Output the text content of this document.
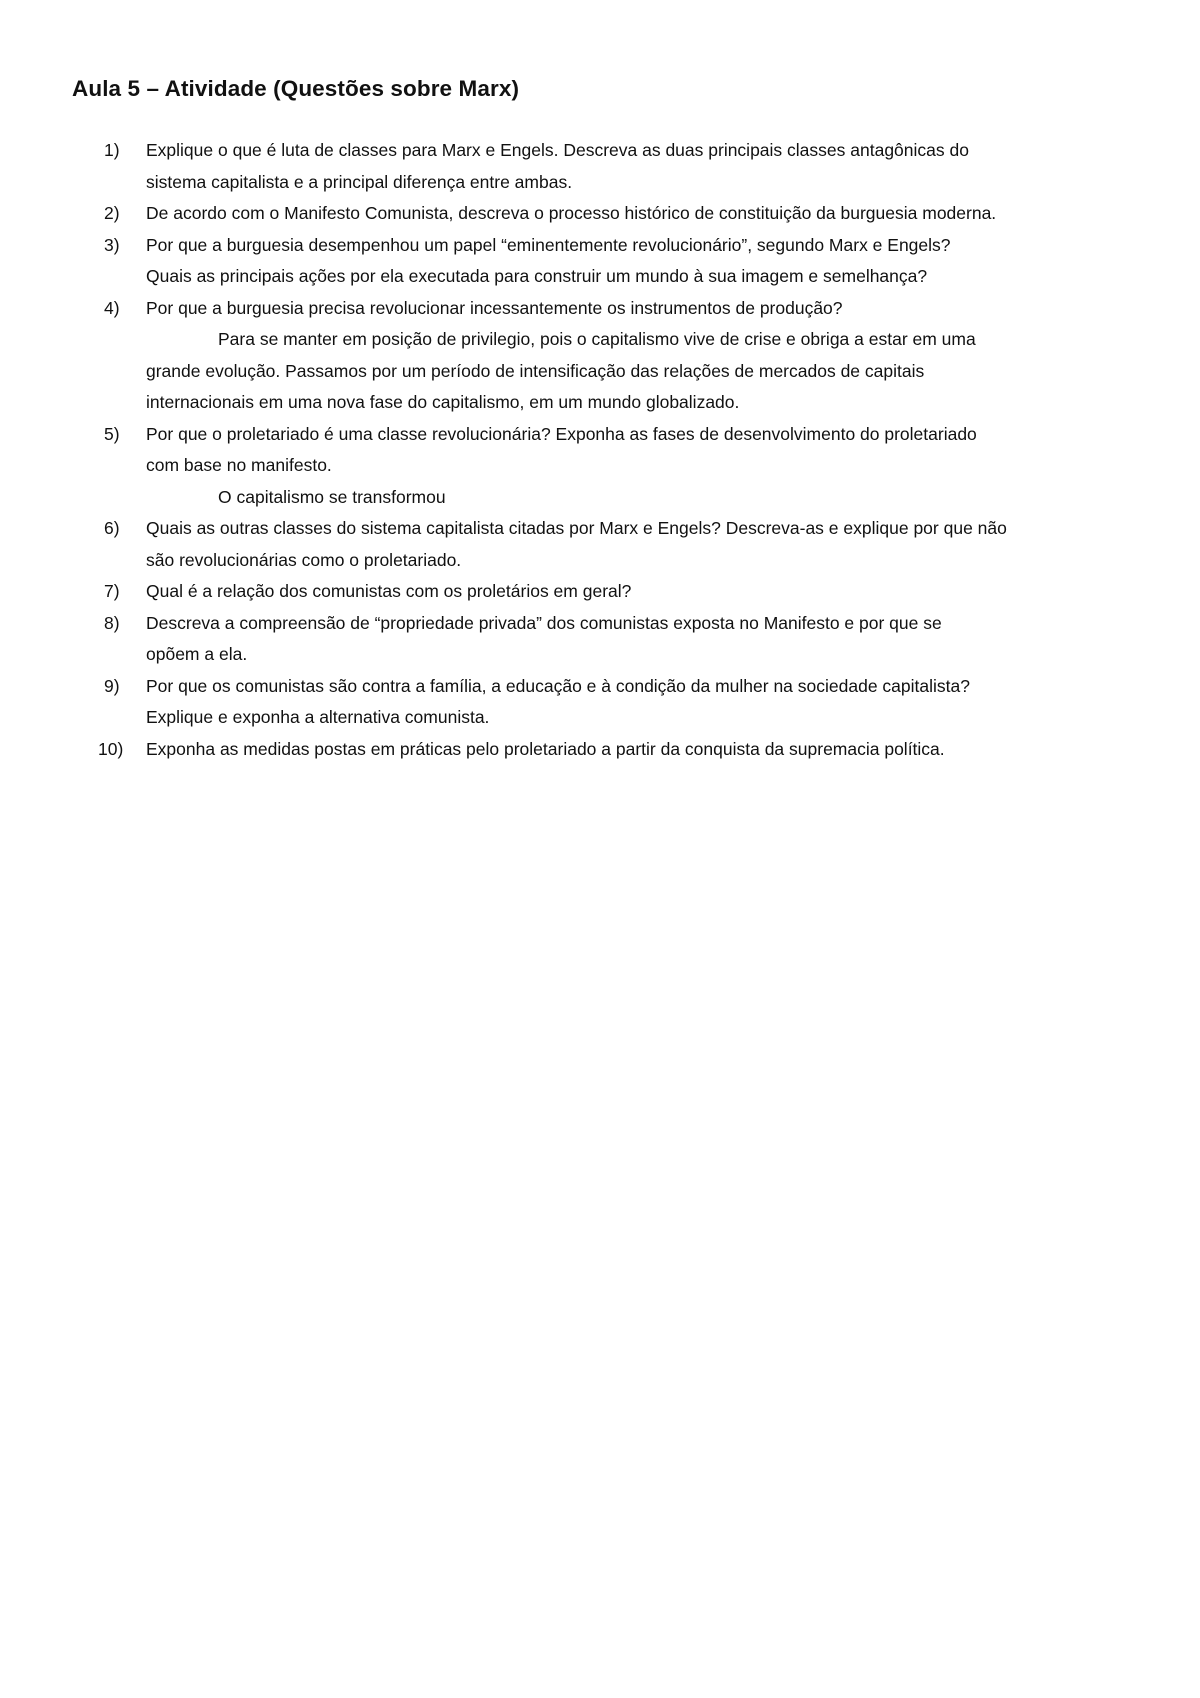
Aula 5 – Atividade (Questões sobre Marx)
1)	Explique o que é luta de classes para Marx e Engels. Descreva as duas principais classes antagônicas do
sistema capitalista e a principal diferença entre ambas.
2)	De acordo com o Manifesto Comunista, descreva o processo histórico de constituição da burguesia moderna.
3)	Por que a burguesia desempenhou um papel “eminentemente revolucionário”, segundo Marx e Engels?
Quais as principais ações por ela executada para construir um mundo à sua imagem e semelhança?
4)	Por que a burguesia precisa revolucionar incessantemente os instrumentos de produção?
Para se manter em posição de privilegio, pois o capitalismo vive de crise e obriga a estar em uma
grande evolução. Passamos por um período de intensificação das relações de mercados de capitais
internacionais em uma nova fase do capitalismo, em um mundo globalizado.
5)	Por que o proletariado é uma classe revolucionária? Exponha as fases de desenvolvimento do proletariado
com base no manifesto.
O capitalismo se transformou
6)	Quais as outras classes do sistema capitalista citadas por Marx e Engels? Descreva-as e explique por que não
são revolucionárias como o proletariado.
7)	Qual é a relação dos comunistas com os proletários em geral?
8)	Descreva a compreensão de “propriedade privada” dos comunistas exposta no Manifesto e por que se
opõem a ela.
9)	Por que os comunistas são contra a família, a educação e à condição da mulher na sociedade capitalista?
Explique e exponha a alternativa comunista.
10)	Exponha as medidas postas em práticas pelo proletariado a partir da conquista da supremacia política.
